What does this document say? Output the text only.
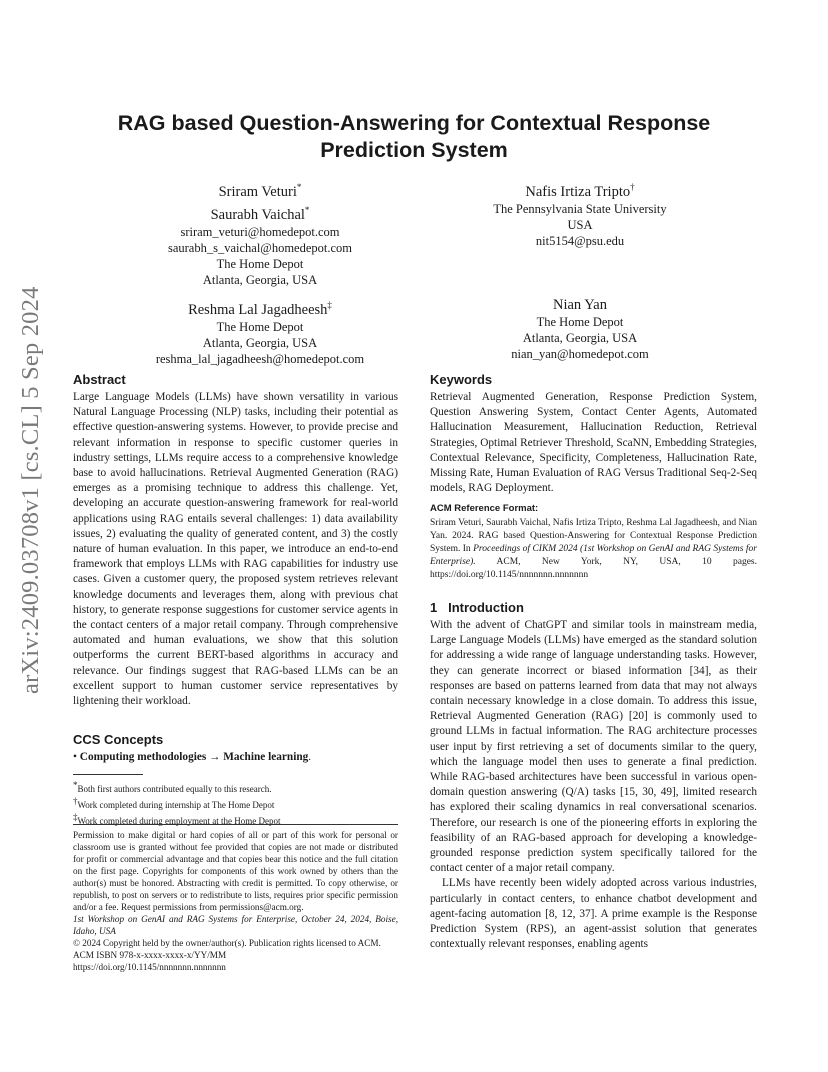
arXiv:2409.03708v1 [cs.CL] 5 Sep 2024
RAG based Question-Answering for Contextual Response
Prediction System
Sriram Veturi*
Saurabh Vaichal*
sriram_veturi@homedepot.com
saurabh_s_vaichal@homedepot.com
The Home Depot
Atlanta, Georgia, USA
Nafis Irtiza Tripto†
The Pennsylvania State University
USA
nit5154@psu.edu
Reshma Lal Jagadheesh‡
The Home Depot
Atlanta, Georgia, USA
reshma_lal_jagadheesh@homedepot.com
Nian Yan
The Home Depot
Atlanta, Georgia, USA
nian_yan@homedepot.com
Abstract

Large Language Models (LLMs) have shown versatility in various Natural Language Processing (NLP) tasks, including their potential as effective question-answering systems. However, to provide precise and relevant information in response to specific customer queries in industry settings, LLMs require access to a comprehensive knowledge base to avoid hallucinations. Retrieval Augmented Generation (RAG) emerges as a promising technique to address this challenge. Yet, developing an accurate question-answering framework for real-world applications using RAG entails several challenges: 1) data availability issues, 2) evaluating the quality of generated content, and 3) the costly nature of human evaluation. In this paper, we introduce an end-to-end framework that employs LLMs with RAG capabilities for industry use cases. Given a customer query, the proposed system retrieves relevant knowledge documents and leverages them, along with previous chat history, to generate response suggestions for customer service agents in the contact centers of a major retail company. Through comprehensive automated and human evaluations, we show that this solution outperforms the current BERT-based algorithms in accuracy and relevance. Our findings suggest that RAG-based LLMs can be an excellent support to human customer service representatives by lightening their workload.

CCS Concepts
• Computing methodologies → Machine learning.
*Both first authors contributed equally to this research.
†Work completed during internship at The Home Depot
‡Work completed during employment at the Home Depot
Permission to make digital or hard copies of all or part of this work for personal or classroom use is granted without fee provided that copies are not made or distributed for profit or commercial advantage and that copies bear this notice and the full citation on the first page. Copyrights for components of this work owned by others than the author(s) must be honored. Abstracting with credit is permitted. To copy otherwise, or republish, to post on servers or to redistribute to lists, requires prior specific permission and/or a fee. Request permissions from permissions@acm.org.
1st Workshop on GenAI and RAG Systems for Enterprise, October 24, 2024, Boise, Idaho, USA
© 2024 Copyright held by the owner/author(s). Publication rights licensed to ACM.
ACM ISBN 978-x-xxxx-xxxx-x/YY/MM
https://doi.org/10.1145/nnnnnnn.nnnnnnn
Keywords

Retrieval Augmented Generation, Response Prediction System, Question Answering System, Contact Center Agents, Automated Hallucination Measurement, Hallucination Reduction, Retrieval Strategies, Optimal Retriever Threshold, ScaNN, Embedding Strategies, Contextual Relevance, Specificity, Completeness, Hallucination Rate, Missing Rate, Human Evaluation of RAG Versus Traditional Seq-2-Seq models, RAG Deployment.

ACM Reference Format:
Sriram Veturi, Saurabh Vaichal, Nafis Irtiza Tripto, Reshma Lal Jagadheesh, and Nian Yan. 2024. RAG based Question-Answering for Contextual Response Prediction System. In Proceedings of CIKM 2024 (1st Workshop on GenAI and RAG Systems for Enterprise). ACM, New York, NY, USA, 10 pages. https://doi.org/10.1145/nnnnnnn.nnnnnnn
1 Introduction

With the advent of ChatGPT and similar tools in mainstream media, Large Language Models (LLMs) have emerged as the standard solution for addressing a wide range of language understanding tasks. However, they can generate incorrect or biased information [34], as their responses are based on patterns learned from data that may not always contain necessary knowledge in a close domain. To address this issue, Retrieval Augmented Generation (RAG) [20] is commonly used to ground LLMs in factual information. The RAG architecture processes user input by first retrieving a set of documents similar to the query, which the language model then uses to generate a final prediction. While RAG-based architectures have been successful in various open-domain question answering (Q/A) tasks [15, 30, 49], limited research has explored their scaling dynamics in real conversational scenarios. Therefore, our research is one of the pioneering efforts in exploring the feasibility of an RAG-based approach for developing a knowledge-grounded response prediction system specifically tailored for the contact center of a major retail company.

LLMs have recently been widely adopted across various industries, particularly in contact centers, to enhance chatbot development and agent-facing automation [8, 12, 37]. A prime example is the Response Prediction System (RPS), an agent-assist solution that generates contextually relevant responses, enabling agents
